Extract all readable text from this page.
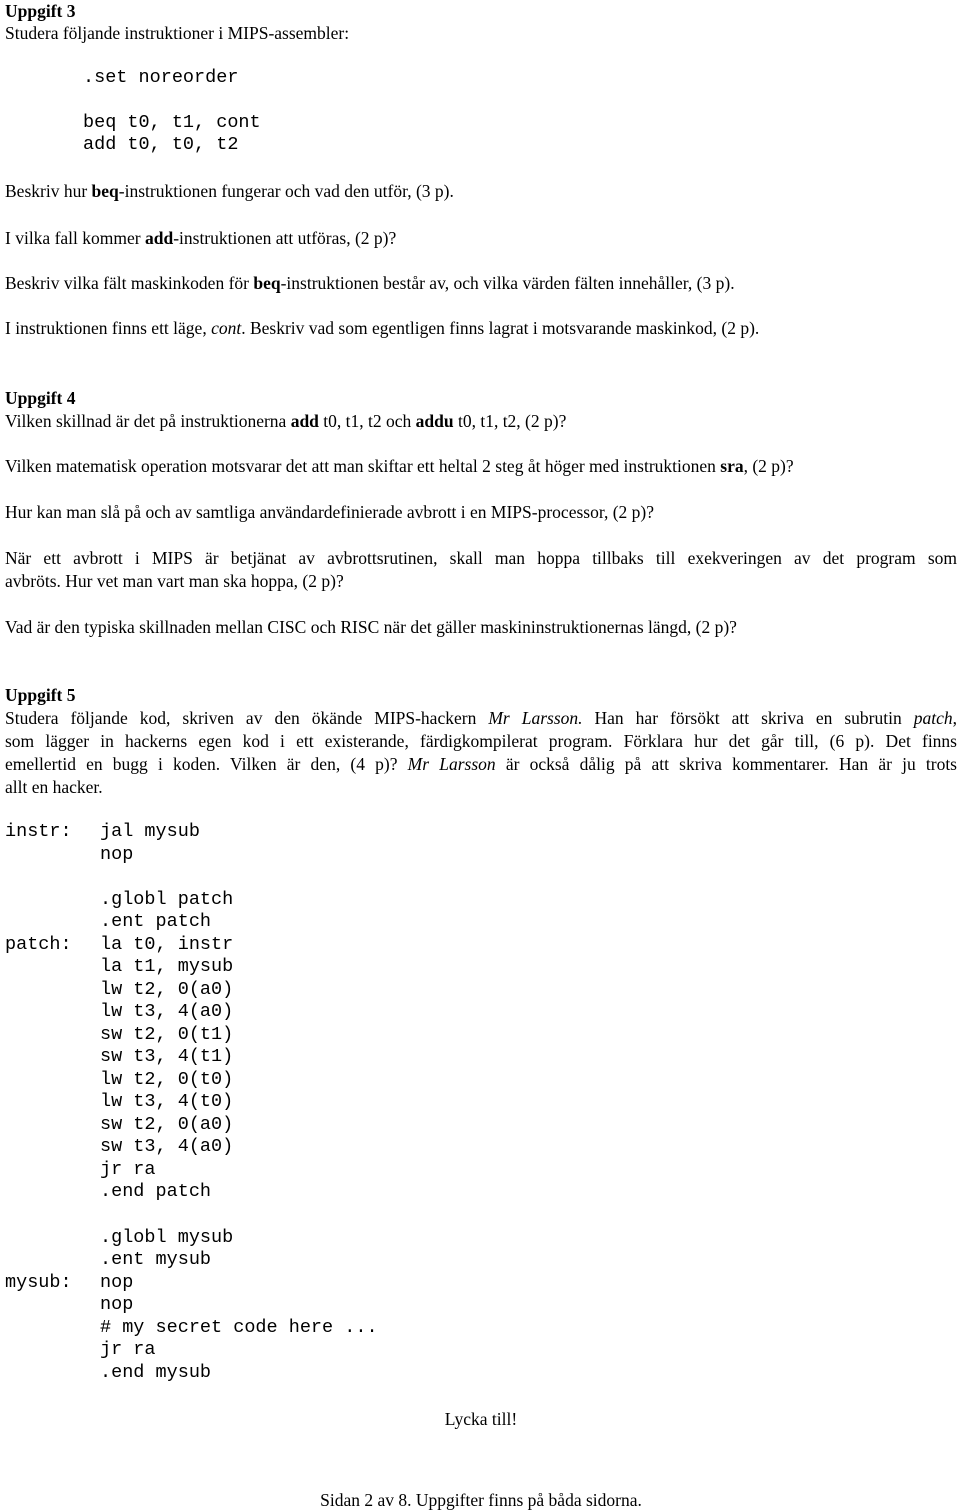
Uppgift 3
Studera följande instruktioner i MIPS-assembler:
.set noreorder
beq t0, t1, cont
add t0, t0, t2
Beskriv hur beq-instruktionen fungerar och vad den utför, (3 p).
I vilka fall kommer add-instruktionen att utföras, (2 p)?
Beskriv vilka fält maskinkoden för beq-instruktionen består av, och vilka värden fälten innehåller, (3 p).
I instruktionen finns ett läge, cont. Beskriv vad som egentligen finns lagrat i motsvarande maskinkod, (2 p).
Uppgift 4
Vilken skillnad är det på instruktionerna add t0, t1, t2 och addu t0, t1, t2, (2 p)?
Vilken matematisk operation motsvarar det att man skiftar ett heltal 2 steg åt höger med instruktionen sra, (2 p)?
Hur kan man slå på och av samtliga användardefinierade avbrott i en MIPS-processor, (2 p)?
När ett avbrott i MIPS är betjänat av avbrottsrutinen, skall man hoppa tillbaks till exekveringen av det program som
avbröts. Hur vet man vart man ska hoppa, (2 p)?
Vad är den typiska skillnaden mellan CISC och RISC när det gäller maskininstruktionernas längd, (2 p)?
Uppgift 5
Studera följande kod, skriven av den ökände MIPS-hackern Mr Larsson. Han har försökt att skriva en subrutin patch,
som lägger in hackerns egen kod i ett existerande, färdigkompilerat program. Förklara hur det går till, (6 p). Det finns
emellertid en bugg i koden. Vilken är den, (4 p)? Mr Larsson är också dålig på att skriva kommentarer. Han är ju trots
allt en hacker.
instr: jal mysub
nop
.globl patch
.ent patch
patch: la t0, instr
la t1, mysub
lw t2, 0(a0)
lw t3, 4(a0)
sw t2, 0(t1)
sw t3, 4(t1)
lw t2, 0(t0)
lw t3, 4(t0)
sw t2, 0(a0)
sw t3, 4(a0)
jr ra
.end patch
.globl mysub
.ent mysub
mysub: nop
nop
# my secret code here ...
jr ra
.end mysub
Lycka till!
Sidan 2 av 8. Uppgifter finns på båda sidorna.
